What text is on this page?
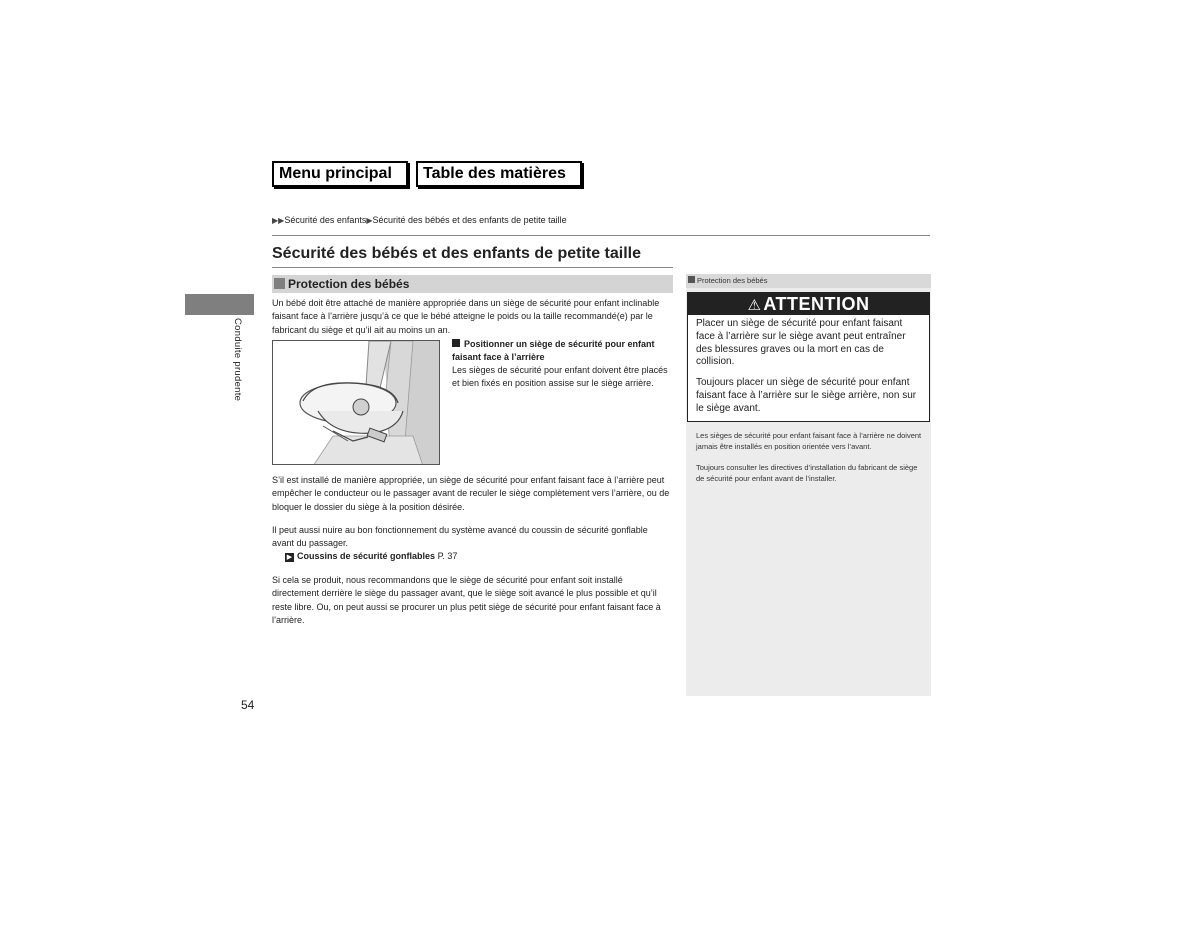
Menu principal	Table des matières
▶▶Sécurité des enfants▶Sécurité des bébés et des enfants de petite taille
Conduite prudente
Sécurité des bébés et des enfants de petite taille
Protection des bébés
Un bébé doit être attaché de manière appropriée dans un siège de sécurité pour enfant inclinable faisant face à l’arrière jusqu’à ce que le bébé atteigne le poids ou la taille recommandé(e) par le fabricant du siège et qu’il ait au moins un an.
Positionner un siège de sécurité pour enfant faisant face à l’arrière
Les sièges de sécurité pour enfant doivent être placés et bien fixés en position assise sur le siège arrière.
S’il est installé de manière appropriée, un siège de sécurité pour enfant faisant face à l’arrière peut empêcher le conducteur ou le passager avant de reculer le siège complètement vers l’arrière, ou de bloquer le dossier du siège à la position désirée.
Il peut aussi nuire au bon fonctionnement du système avancé du coussin de sécurité gonflable avant du passager.
▶ Coussins de sécurité gonflables P. 37
Si cela se produit, nous recommandons que le siège de sécurité pour enfant soit installé directement derrière le siège du passager avant, que le siège soit avancé le plus possible et qu’il reste libre. Ou, on peut aussi se procurer un plus petit siège de sécurité pour enfant faisant face à l’arrière.
Protection des bébés
⚠ ATTENTION

Placer un siège de sécurité pour enfant faisant face à l’arrière sur le siège avant peut entraîner des blessures graves ou la mort en cas de collision.

Toujours placer un siège de sécurité pour enfant faisant face à l’arrière sur le siège arrière, non sur le siège avant.

Les sièges de sécurité pour enfant faisant face à l’arrière ne doivent jamais être installés en position orientée vers l’avant.
Toujours consulter les directives d’installation du fabricant de siège de sécurité pour enfant avant de l’installer.
54
